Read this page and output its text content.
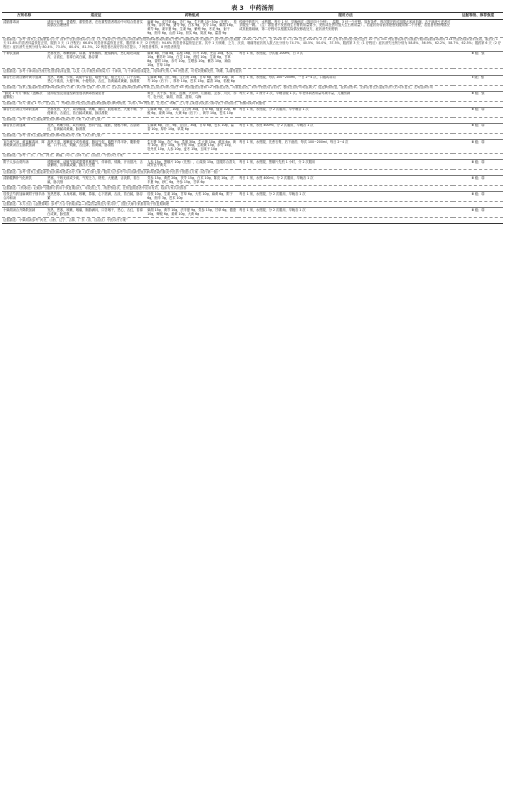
表 3　中药汤剂
方剂名称	适应证	药物组成	服用方法	证据等级、推荐强度
清肺排毒汤	适用于轻型、普通型、重型患者，在危重型患者救治中可结合患者实际情况合理使用	麻黄 9g，炙甘草 6g，杏仁 9g，生石膏 15~30g（先煎），桂枝 9g，泽泻 9g，猪苓 9g，白术 9g，茯苓 15g，柴胡 16g，黄芩 6g，姜半夏 9g，生姜 9g，紫菀 9g，冬花 9g，射干 9g，细辛 6g，山药 12g，枳实 6g，陈皮 6g，藿香 9g	传统中药饮片，水煎服。每天 1 付，早晚两次（饭后四十分钟），温服，3 付一个疗程。如有条件，每次服完药可加服大米汤半碗，舌干津液亏虚者可多服至一碗。（注：如患者不发热则生石膏的用量要小，发热或壮热可加大生石膏用量）。若症状好转而未痊愈则服用第二个疗程，若患者有特殊情况或其他基础病，第二疗程可以根据实际情况修改处方，症状消失则停药	
证据描述：参考“国家卫生健康委办公厅 国家中医药管理局办公室《关于推荐在中西医结合救治新型冠状病毒感染的肺炎中使用“清肺排毒汤”的通知》（国中医药办医政函〔2020〕22 号）”。在 2020 年 1 月 28 日至 2020 年 2 月 14 日有评价时段内设有进行 10 个省 351 例患者临床疗效数据中服用清肺排毒汤的 214 例患者临床资料来看，服药后 1 天 51.8% 的患者体温恢复正常，服药 3 天（1 疗程后）66.8% 的患者体温恢复正常，服药第 6 天（2 疗程后）94.6% 的患者体温恢复正常。其中 1 天咳嗽、乏力、厌食、咽痛等症状的人数占比分别为 74.7%、40.5%、50.0%、37.5%，服药第 3 天（1 疗程后）症状消失比例分别为 58.8%、56.9%、62.2%、58.7%、62.5%；服药第 6 天（2 疗程后）症状消失比例分别为 80.4%、73.0%、80.4%、81.3%，22 例患者出现疗效评估提示，7 例患者维持，8 例患者恢复				
十神饮加减	恶寒发热，咳嗽咽痒，鼻塞，身体酸疼，疲倦胸闷，恶心呕吐或腹泻，舌质红、苔薄白或白腻，脉浮紧	麻黄 8g，升麻 8g，葛根 16g，川芎 10g，羌活 10g，积实 10g，紫苏叶 10g，白芷 10g，虎杖 10g，生姜 6g，甘草 8g，香附 10g，赤芍 10g，生晒参 10g，紫苏 10g，神曲 10g，甘草 10g	每日 1 剂，水煎服，分次服 200ml，日 3 次	Ⅲ 级；强
证据描述：参考十神汤治疗流行性感冒临床证据，以及《太平惠民和剂局方》十神汤，与十神汤组成接近，具体研究纳入 90 例患者，可有效缓解发热、咳嗽、头痛等症状				
麻杏石甘汤合桑叶黄芩加减	发热、咳嗽、少痰，或痰中带血，喘憋气促，极乏无力，口干苦喝，恶心不欲食，大便不畅，小便短赤，舌红，苔黄腻或黄燥，脉滑数	生麻黄 6g，杏仁 9g，生石膏 15g，甘草 6g，桑叶 10g，黄芩 10g（后下），厚朴 10g，苍术 15g，藿香 10g，桔梗 6g	每日 1 剂，水煎服，每次 100~200ml，一日 2~4 次，口服或鼻饲	Ⅱ 级；强
证据描述：国家卫健委新型冠状病毒感染诊疗方案（试行第七版）纳入该方。在武汉金银潭医院和将军街卫生院应用该方治疗 63 例普通型患者和 12 例重症患者，对重症患者，采用中西医结合治疗，表现在治疗可明显减少，促进病情恢复，提高治愈率。全部患者在热退症状消失后均未复发，无明显副作用				
“肺炎 1 号方”颗粒（透解祛瘟颗粒）	适用轻型及普通型新型冠状病毒感染患者	黄芪、太子参、银花、连翘、大青叶、山慈菇、玄参、川贝、赤芍、牡丹皮、柴胡、青蒿、甜菊、乌梅	每天 2 剂，1 剂分 2 次，早晚各服 1 次。年老体弱者用量可减半量，儿童酌减	Ⅲ 级；强
证据描述：纳入“肺炎 1 号方”在武汉、广州地区治疗轻型及普通型新冠肺炎的病例观察，共纳入 50 例患者，在发热、咳嗽、乏力等主要症状改善方面均优于常规治疗，核酸转阴时间缩短				
麻杏石甘汤合升降散加减	恶寒发热，无汗，周身酸痛，咳嗽，胸闷，脘痞呕恶，大便不畅，小便黄赤，舌质红，苔白腻或黄腻，脉浮滑数	生麻黄 9g，杏仁 10g，生石膏 30g，甘草 6g，僵蚕 10g，蝉蜕 6g，姜黄 10g，大黄 6g（后下），黄芩 10g，苍术 10g	每日 1 剂，水煎服，分 2 次服用，早中晚各 1 次	Ⅲ 级；弱
证据描述：参考“国家卫健委新型冠状病毒感染诊疗方案（试行第七版）”				
麻杏苡甘汤加减	发热，咳嗽少痰，或有黄痰，憋闷气促，腹胀，便秘不畅，舌质暗红，苔黄腻或黄燥，脉滑数	生麻黄 6g，杏仁 9g，薏苡仁 30g，甘草 6g，苍术 10g，藿香 10g，厚朴 10g，草果 6g	每日 1 剂，水煎 400ml，分 2 次服用，早晚各 1 次	Ⅲ 级；弱
证据描述：参考“国家卫健委新型冠状病毒感染诊疗方案（试行第七版）”				
宣白承气汤、黄连解毒汤、犀角地黄汤合生脉散加减	高热不退，咳嗽痰少或有黄痰，胸闷气促，喘憋不得平卧，腹胀便秘，口干口苦，烦躁，舌红绛，苔黄燥，脉滑数	生石膏 30g，杏仁 9g，瓜蒌 30g，生大黄 10g，黄连 6g，黄芩 10g，栀子 10g，水牛角 30g，生地黄 15g，赤芍 15g，牡丹皮 10g，人参 10g，麦冬 15g，五味子 10g	每日 1 剂，水煎服，先煮石膏，后下诸药，每次 100~200ml，每日 2~4 次	Ⅲ 级；弱
证据描述：参考“广东、广州、河北、新疆、四川、吉林（省、自治区）中医诊疗方案”				
附子人参山萸肉汤	呼吸困难、动辄气喘或需要机械通气，伴神昏，烦躁，汗出肢冷，舌质紫暗，苔厚腻或燥，脉浮大无根	人参 15g，黑顺片 10g（先煎），山茱萸 15g，送服苏合香丸或安宫牛黄丸	每日 1 剂，水煎服，黑顺片先煎 1 小时，分 2 次服用	Ⅲ 级；弱
证据描述：参考“国家卫健委新型冠状病毒感染诊疗方案（试行第七版）”服用方法参考“四川省新型冠状病毒感染的肺炎中医药干预建议方案（试行第一版）”				
清肺健脾补气化瘀饮	恶寒，干咳无痰或少痰，气短乏力，纳差，大便溏，舌淡胖，苔白腻，脉沉细	党参 15g，黄芪 20g，茯苓 15g，白术 10g，陈皮 10g，法半夏 9g，砂仁 6g，丹参 15g，甘草 6g	每日 1 剂，水煎 400ml，分 2 次服用，早晚各 1 次	Ⅲ 级；弱
证据描述：《伤寒论》记载补气健脾方药用于恢复期治疗，可改善乏力、纳差等症状，在恢复期患者中应用有效，临床专家共识推荐				
桂枝去芍药加麻黄附子细辛汤合冲和汤	发热恶寒，头身疼痛，咳嗽，鼻塞，心下痞满，舌淡，苔白腻，脉浮紧	桂枝 10g，生姜 10g，甘草 6g，大枣 10g，麻黄 6g，附子 6g，细辛 3g，苍术 10g	每日 1 剂，水煎服，分 2 次服用，早晚各 1 次	Ⅲ 级；弱
证据描述：本方出自《金匮要略》参考“方合今药临床量—剂量效量规范专家共识”，国医大师专家推荐用于恢复期调理				
小柴胡汤合升降散加减	发热，恶寒，咳嗽，咽痛，胸胁满闷，口苦咽干，恶心，舌红，苔薄白或黄，脉弦数	柴胡 15g，黄芩 10g，法半夏 9g，党参 15g，甘草 6g，僵蚕 10g，蝉蜕 6g，姜黄 10g，大黄 6g	每日 1 剂，水煎服，分 2 次服用，早晚各 1 次	Ⅲ 级；弱
证据描述：小柴胡汤参考“河北、山西、辽宁、吉林、广东（省、自治区）中医诊疗方案”				
